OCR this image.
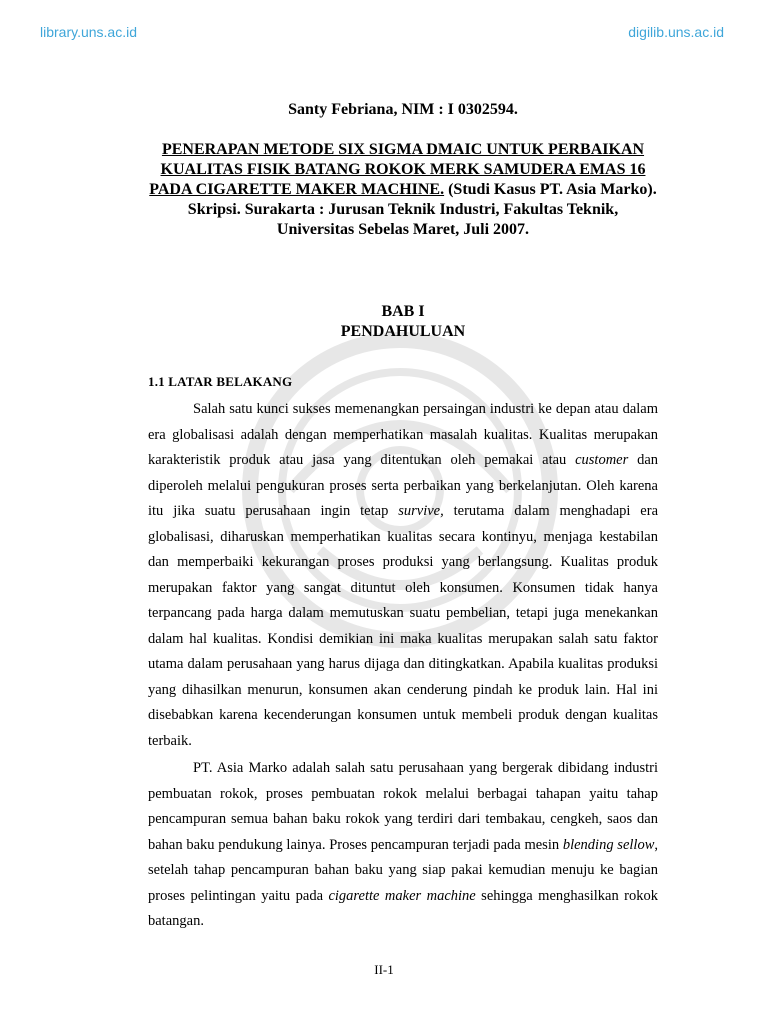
library.uns.ac.id	digilib.uns.ac.id
Santy Febriana, NIM : I 0302594.
PENERAPAN METODE SIX SIGMA DMAIC UNTUK PERBAIKAN KUALITAS FISIK BATANG ROKOK MERK SAMUDERA EMAS 16 PADA CIGARETTE MAKER MACHINE. (Studi Kasus PT. Asia Marko). Skripsi. Surakarta : Jurusan Teknik Industri, Fakultas Teknik, Universitas Sebelas Maret, Juli 2007.
BAB I
PENDAHULUAN
1.1 LATAR BELAKANG

Salah satu kunci sukses memenangkan persaingan industri ke depan atau dalam era globalisasi adalah dengan memperhatikan masalah kualitas. Kualitas merupakan karakteristik produk atau jasa yang ditentukan oleh pemakai atau customer dan diperoleh melalui pengukuran proses serta perbaikan yang berkelanjutan. Oleh karena itu jika suatu perusahaan ingin tetap survive, terutama dalam menghadapi era globalisasi, diharuskan memperhatikan kualitas secara kontinyu, menjaga kestabilan dan memperbaiki kekurangan proses produksi yang berlangsung. Kualitas produk merupakan faktor yang sangat dituntut oleh konsumen. Konsumen tidak hanya terpancang pada harga dalam memutuskan suatu pembelian, tetapi juga menekankan dalam hal kualitas. Kondisi demikian ini maka kualitas merupakan salah satu faktor utama dalam perusahaan yang harus dijaga dan ditingkatkan. Apabila kualitas produksi yang dihasilkan menurun, konsumen akan cenderung pindah ke produk lain. Hal ini disebabkan karena kecenderungan konsumen untuk membeli produk dengan kualitas terbaik.

PT. Asia Marko adalah salah satu perusahaan yang bergerak dibidang industri pembuatan rokok, proses pembuatan rokok melalui berbagai tahapan yaitu tahap pencampuran semua bahan baku rokok yang terdiri dari tembakau, cengkeh, saos dan bahan baku pendukung lainya. Proses pencampuran terjadi pada mesin blending sellow, setelah tahap pencampuran bahan baku yang siap pakai kemudian menuju ke bagian proses pelintingan yaitu pada cigarette maker machine sehingga menghasilkan rokok batangan.

II-1
